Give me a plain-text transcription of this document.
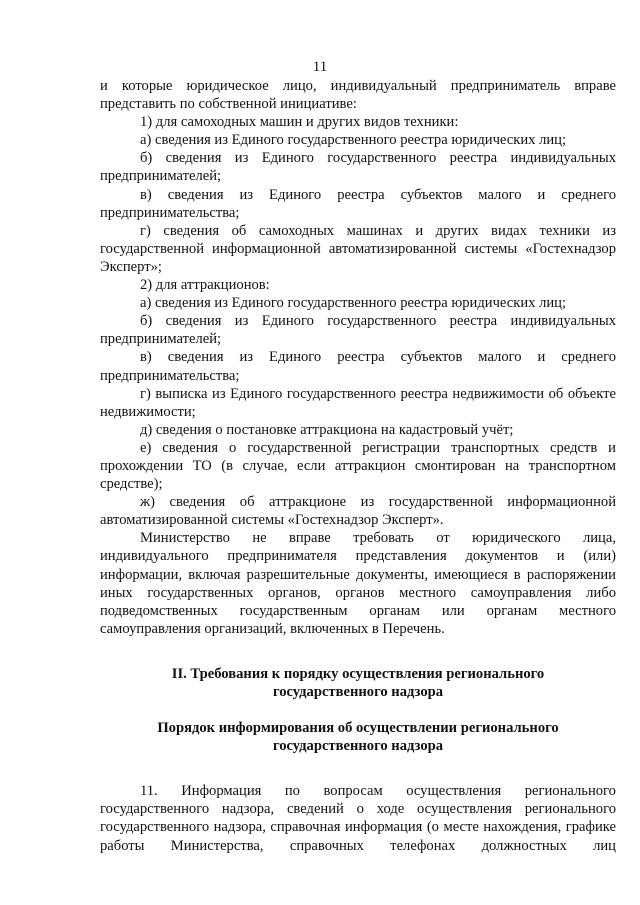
11

и которые юридическое лицо, индивидуальный предприниматель вправе представить по собственной инициативе:

1) для самоходных машин и других видов техники:

а) сведения из Единого государственного реестра юридических лиц;

б) сведения из Единого государственного реестра индивидуальных предпринимателей;

в) сведения из Единого реестра субъектов малого и среднего предпринимательства;

г) сведения об самоходных машинах и других видах техники из государственной информационной автоматизированной системы «Гостехнадзор Эксперт»;

2) для аттракционов:

а) сведения из Единого государственного реестра юридических лиц;

б) сведения из Единого государственного реестра индивидуальных предпринимателей;

в) сведения из Единого реестра субъектов малого и среднего предпринимательства;

г) выписка из Единого государственного реестра недвижимости об объекте недвижимости;

д) сведения о постановке аттракциона на кадастровый учёт;

е) сведения о государственной регистрации транспортных средств и прохождении ТО (в случае, если аттракцион смонтирован на транспортном средстве);

ж) сведения об аттракционе из государственной информационной автоматизированной системы «Гостехнадзор Эксперт».

Министерство не вправе требовать от юридического лица, индивидуального предпринимателя представления документов и (или) информации, включая разрешительные документы, имеющиеся в распоряжении иных государственных органов, органов местного самоуправления либо подведомственных государственным органам или органам местного самоуправления организаций, включенных в Перечень.

II. Требования к порядку осуществления регионального

государственного надзора

Порядок информирования об осуществлении регионального

государственного надзора

11. Информация по вопросам осуществления регионального

государственного надзора, сведений о ходе осуществления регионального государственного надзора, справочная информация (о месте нахождения, графике работы Министерства, справочных телефонах должностных лиц
